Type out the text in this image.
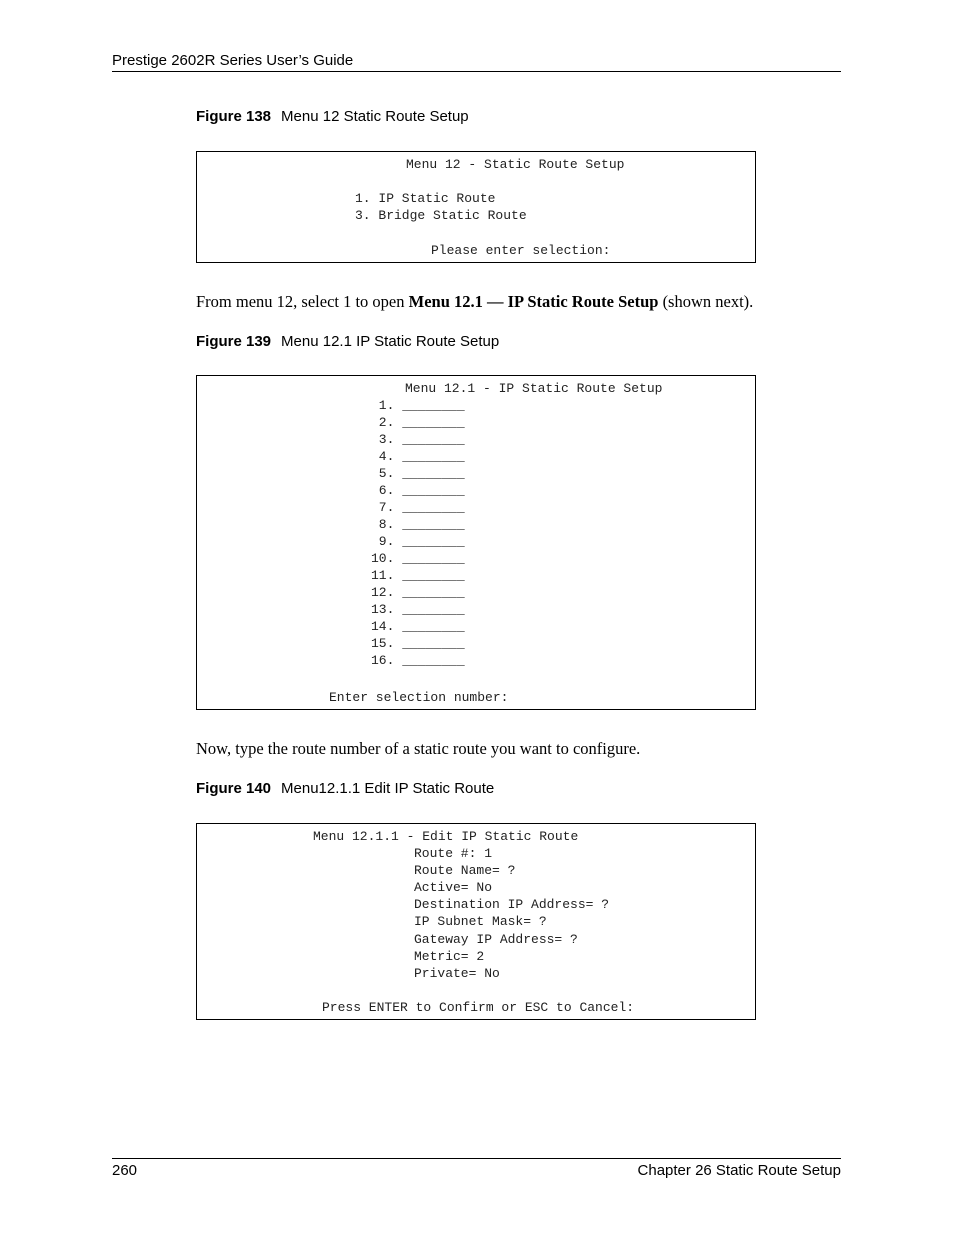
Prestige 2602R Series User’s Guide
Figure 138 Menu 12 Static Route Setup
Menu 12 - Static Route Setup
1. IP Static Route
3. Bridge Static Route
Please enter selection:
From menu 12, select 1 to open Menu 12.1 — IP Static Route Setup (shown next).
Figure 139 Menu 12.1 IP Static Route Setup
Menu 12.1 - IP Static Route Setup
1. ________
2. ________
3. ________
4. ________
5. ________
6. ________
7. ________
8. ________
9. ________
10. ________
11. ________
12. ________
13. ________
14. ________
15. ________
16. ________
Enter selection number:
Now, type the route number of a static route you want to configure.
Figure 140 Menu12.1.1 Edit IP Static Route
Menu 12.1.1 - Edit IP Static Route
Route #: 1
Route Name= ?
Active= No
Destination IP Address= ?
IP Subnet Mask= ?
Gateway IP Address= ?
Metric= 2
Private= No
Press ENTER to Confirm or ESC to Cancel:
260	Chapter 26 Static Route Setup
